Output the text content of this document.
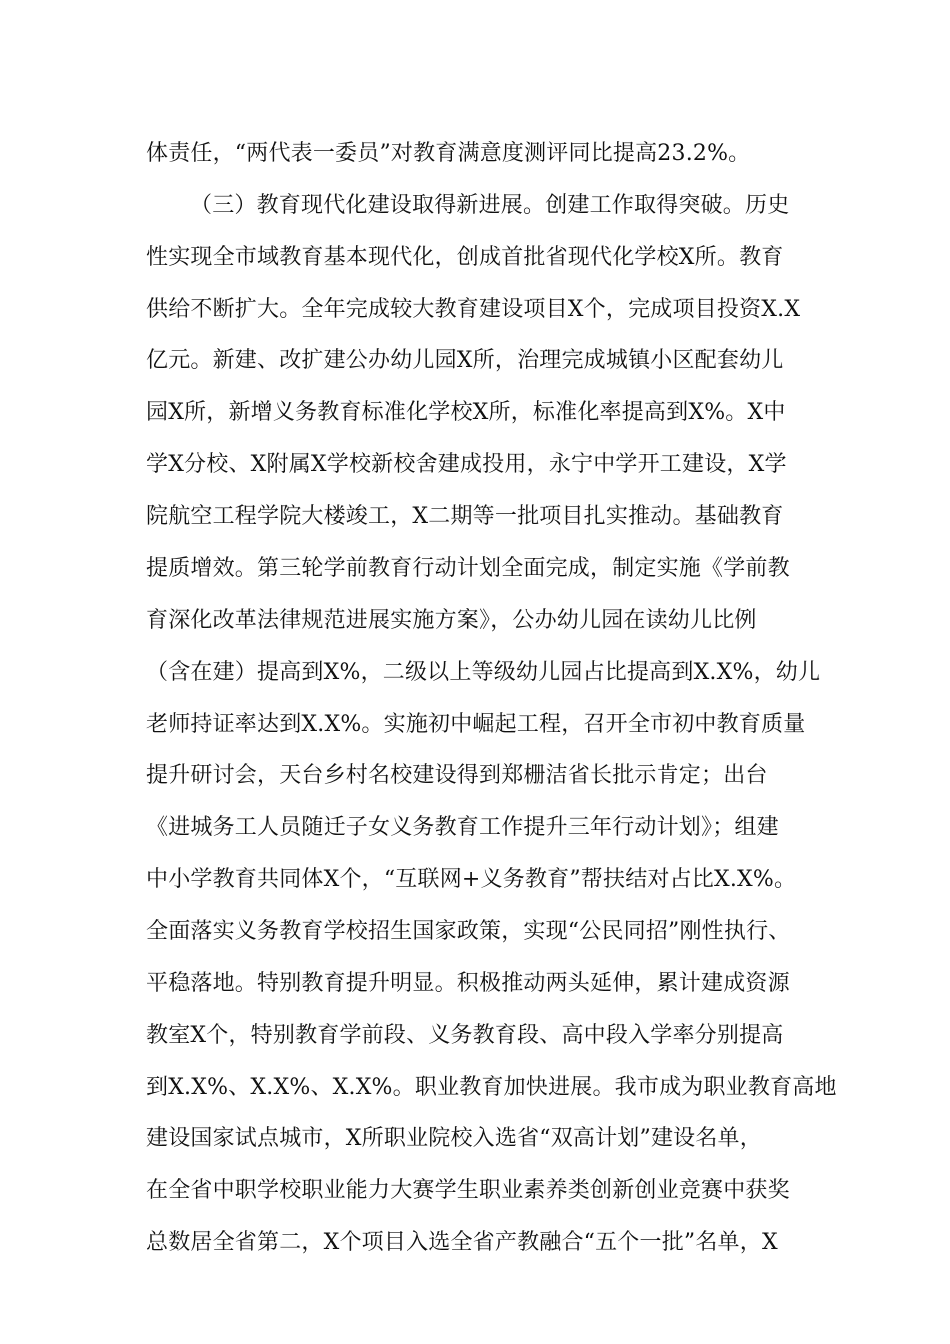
体责任，“两代表一委员”对教育满意度测评同比提高23.2%。
（三）教育现代化建设取得新进展。创建工作取得突破。历史
性实现全市域教育基本现代化，创成首批省现代化学校X所。教育
供给不断扩大。全年完成较大教育建设项目X个，完成项目投资X.X
亿元。新建、改扩建公办幼儿园X所，治理完成城镇小区配套幼儿
园X所，新增义务教育标准化学校X所，标准化率提高到X%。X中
学X分校、X附属X学校新校舍建成投用，永宁中学开工建设，X学
院航空工程学院大楼竣工，X二期等一批项目扎实推动。基础教育
提质增效。第三轮学前教育行动计划全面完成，制定实施《学前教
育深化改革法律规范进展实施方案》，公办幼儿园在读幼儿比例
（含在建）提高到X%，二级以上等级幼儿园占比提高到X.X%，幼儿
老师持证率达到X.X%。实施初中崛起工程，召开全市初中教育质量
提升研讨会，天台乡村名校建设得到郑栅洁省长批示肯定；出台
《进城务工人员随迁子女义务教育工作提升三年行动计划》；组建
中小学教育共同体X个，“互联网+义务教育”帮扶结对占比X.X%。
全面落实义务教育学校招生国家政策，实现“公民同招”刚性执行、
平稳落地。特别教育提升明显。积极推动两头延伸，累计建成资源
教室X个，特别教育学前段、义务教育段、高中段入学率分别提高
到X.X%、X.X%、X.X%。职业教育加快进展。我市成为职业教育高地
建设国家试点城市，X所职业院校入选省“双高计划”建设名单，
在全省中职学校职业能力大赛学生职业素养类创新创业竞赛中获奖
总数居全省第二，X个项目入选全省产教融合“五个一批”名单，X
